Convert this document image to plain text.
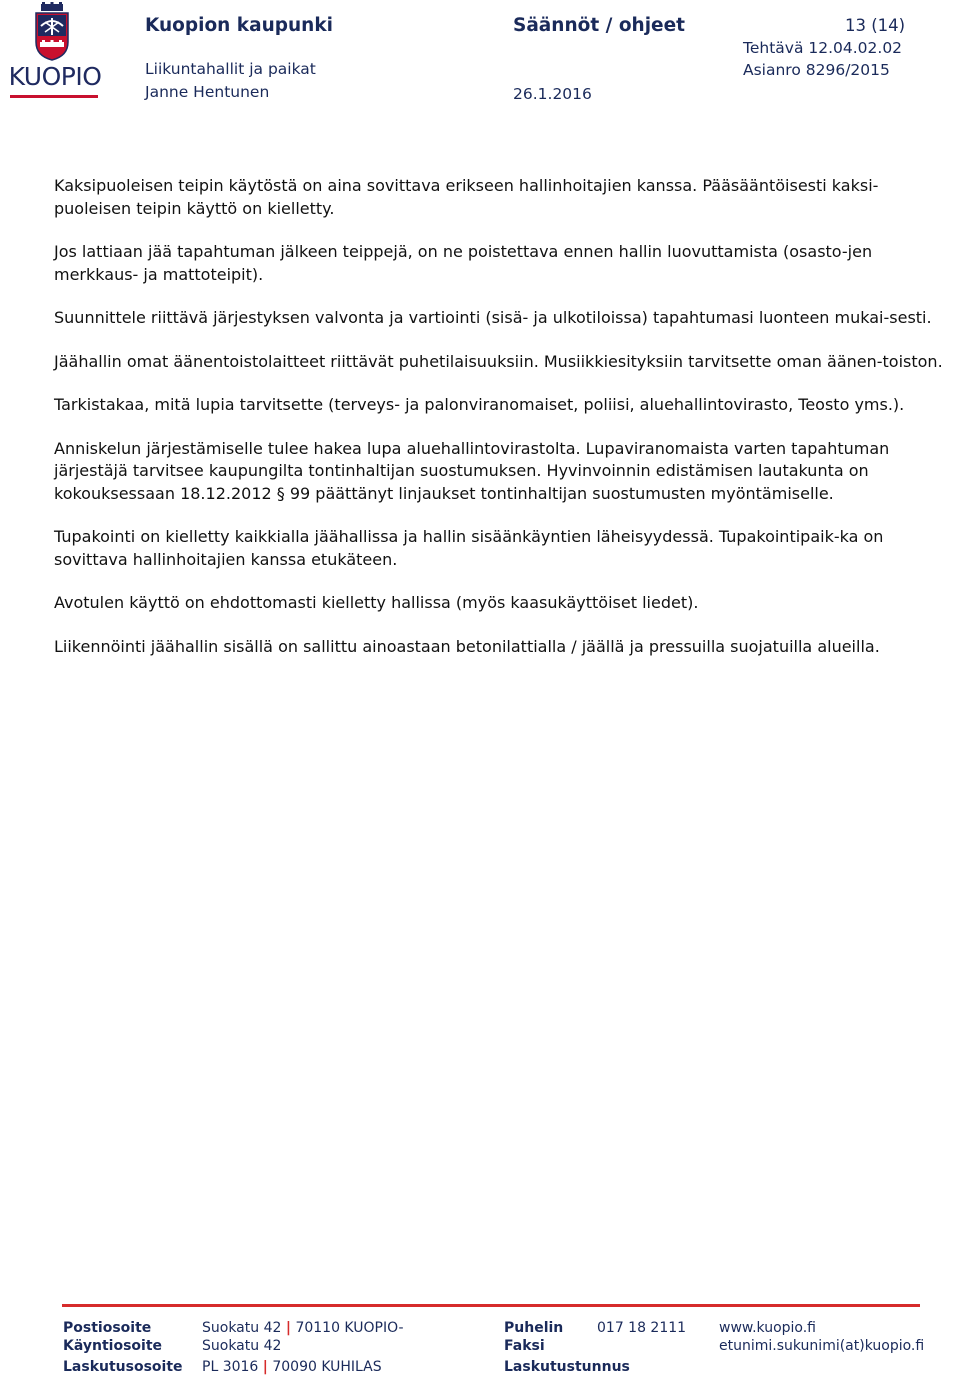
KUOPIO
Kuopion kaupunki	Säännöt / ohjeet	13 (14)
Tehtävä 12.04.02.02
Liikuntahallit ja paikat	Asianro 8296/2015
Janne Hentunen	26.1.2016

Kaksipuoleisen teipin käytöstä on aina sovittava erikseen hallinhoitajien kanssa. Pääsääntöisesti kaksi-puoleisen teipin käyttö on kielletty.

Jos lattiaan jää tapahtuman jälkeen teippejä, on ne poistettava ennen hallin luovuttamista (osasto-jen merkkaus- ja mattoteipit).

Suunnittele riittävä järjestyksen valvonta ja vartiointi (sisä- ja ulkotiloissa) tapahtumasi luonteen mukai-sesti.

Jäähallin omat äänentoistolaitteet riittävät puhetilaisuuksiin. Musiikkiesityksiin tarvitsette oman äänen-toiston.

Tarkistakaa, mitä lupia tarvitsette (terveys- ja palonviranomaiset, poliisi, aluehallintovirasto, Teosto yms.).

Anniskelun järjestämiselle tulee hakea lupa aluehallintovirastolta. Lupaviranomaista varten tapahtuman järjestäjä tarvitsee kaupungilta tontinhaltijan suostumuksen. Hyvinvoinnin edistämisen lautakunta on kokouksessaan 18.12.2012 § 99 päättänyt linjaukset tontinhaltijan suostumusten myöntämiselle.

Tupakointi on kielletty kaikkialla jäähallissa ja hallin sisäänkäyntien läheisyydessä. Tupakointipaik-ka on sovittava hallinhoitajien kanssa etukäteen.

Avotulen käyttö on ehdottomasti kielletty hallissa (myös kaasukäyttöiset liedet).

Liikennöinti jäähallin sisällä on sallittu ainoastaan betonilattialla / jäällä ja pressuilla suojatuilla alueilla.

Postiosoite	Suokatu 42 | 70110 KUOPIO-	Puhelin 017 18 2111 www.kuopio.fi
Käyntiosoite	Suokatu 42	Faksi	etunimi.sukunimi(at)kuopio.fi
Laskutusosoite PL 3016 | 70090 KUHILAS	Laskutustunnus
